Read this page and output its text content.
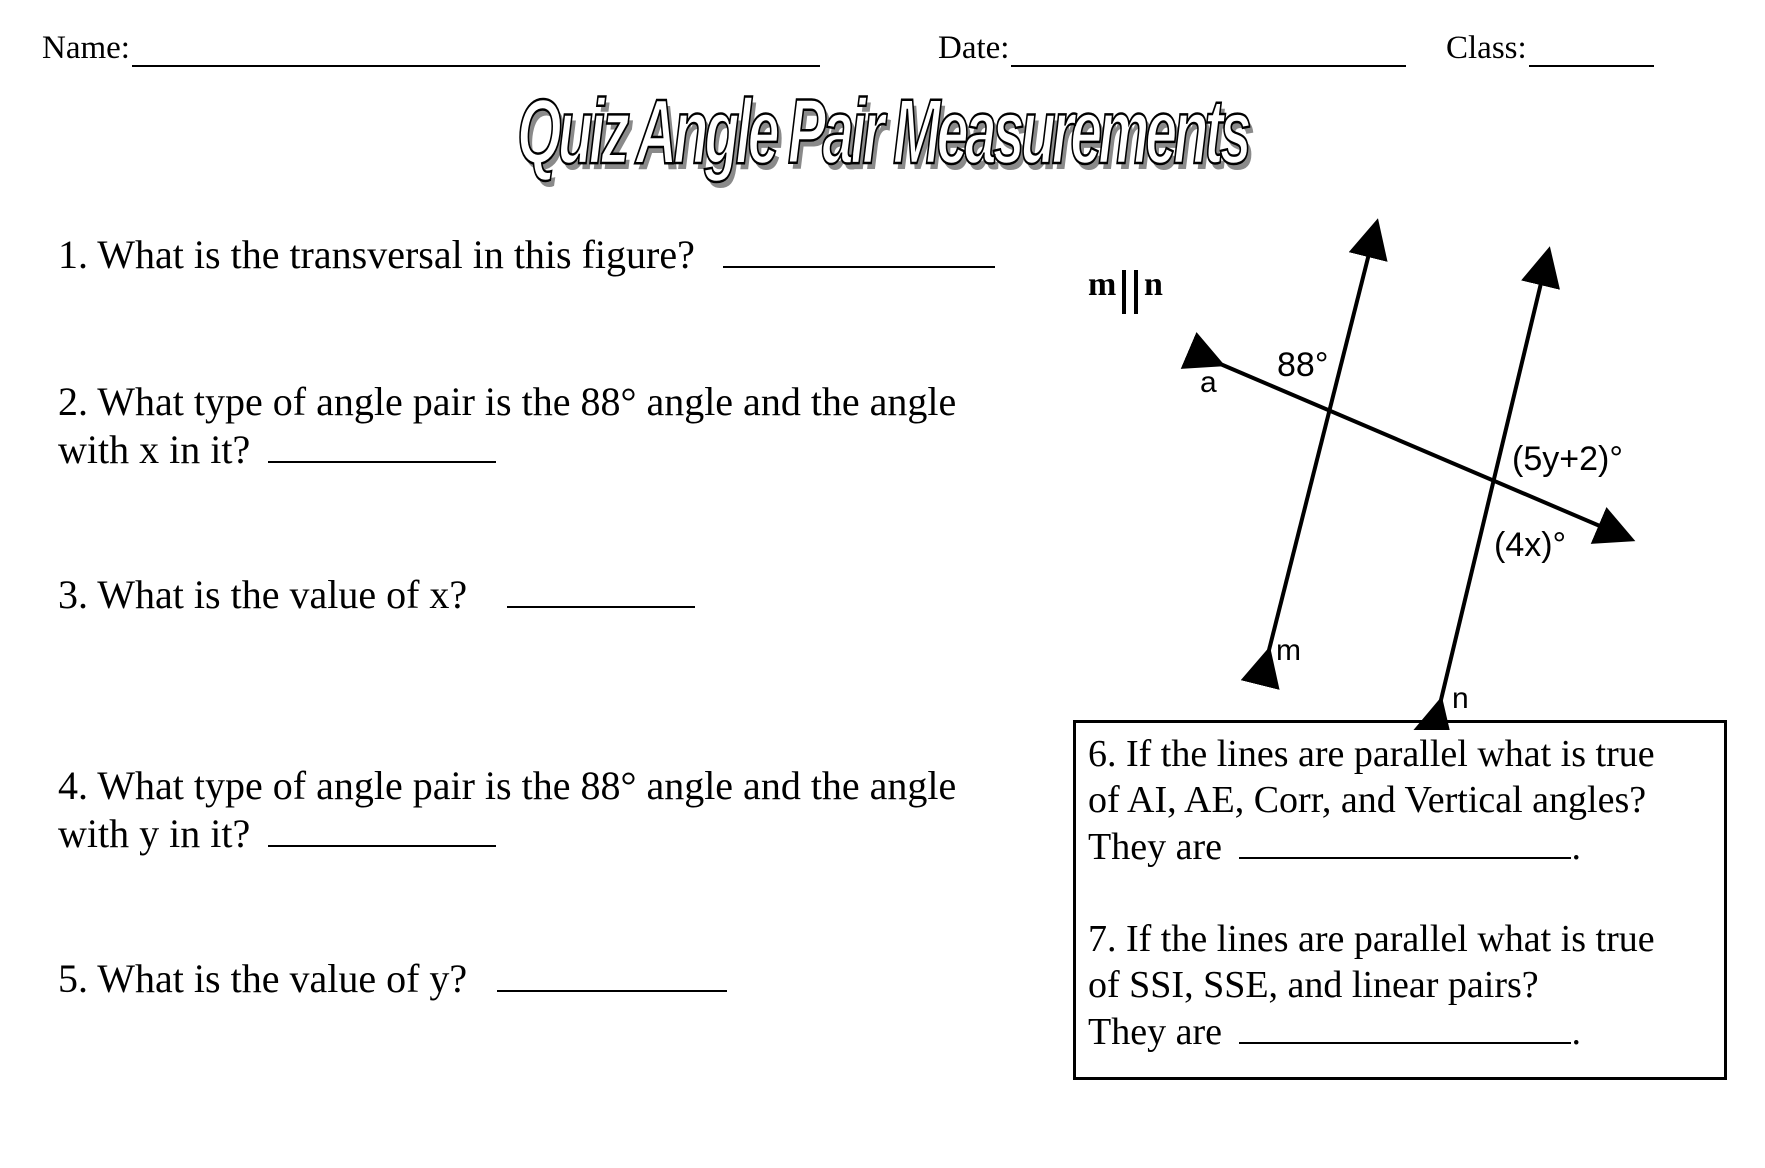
Name:	Date:	Class:
Quiz Angle Pair Measurements
1. What is the transversal in this figure?
2. What type of angle pair is the 88° angle and the angle
with x in it?
3. What is the value of x?
4. What type of angle pair is the 88° angle and the angle
with y in it?
5. What is the value of y?
m n
a 88°
(5y+2)°
(4x)°
m
n
6. If the lines are parallel what is true
of AI, AE, Corr, and Vertical angles?
They are	.
7. If the lines are parallel what is true
of SSI, SSE, and linear pairs?
They are	.
